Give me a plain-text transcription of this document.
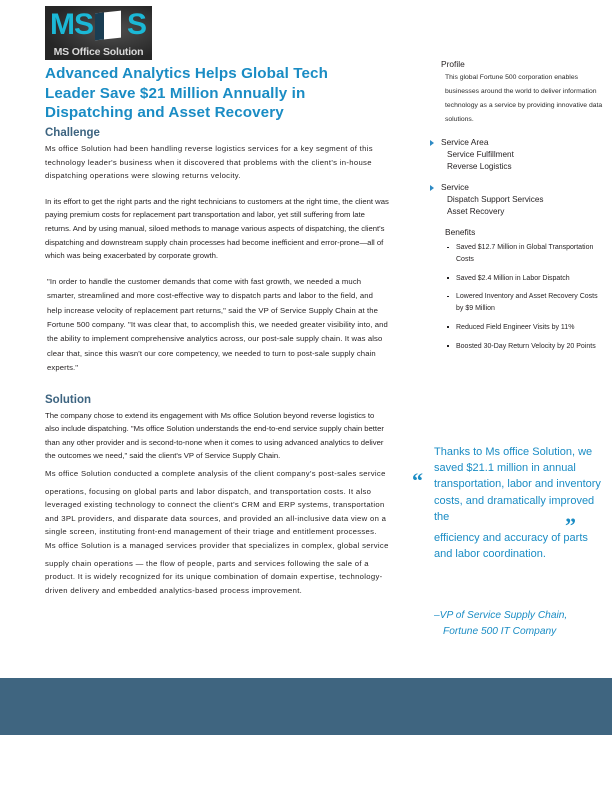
MS S
MS Office Solution
Advanced Analytics Helps Global Tech Leader Save $21 Million Annually in Dispatching and Asset Recovery
Challenge

Ms office Solution had been handling reverse logistics services for a key segment of this technology leader's business when it discovered that problems with the client's in-house dispatching operations were slowing returns velocity.

In its effort to get the right parts and the right technicians to customers at the right time, the client was paying premium costs for replacement part transportation and labor, yet still suffering from late returns. And by using manual, siloed methods to manage various aspects of dispatching, the client's dispatching and downstream supply chain processes had become inefficient and error-prone—all of which was being exacerbated by corporate growth.

"In order to handle the customer demands that come with fast growth, we needed a much smarter, streamlined and more cost-effective way to dispatch parts and labor to the field, and help increase velocity of replacement part returns," said the VP of Service Supply Chain at the Fortune 500 company. "It was clear that, to accomplish this, we needed greater visibility into, and the ability to implement comprehensive analytics across, our post-sale supply chain. It was also clear that, since this wasn't our core competency, we needed to turn to post-sale supply chain experts."

Solution

The company chose to extend its engagement with Ms office Solution beyond reverse logistics to also include dispatching. "Ms office Solution understands the end-to-end service supply chain better than any other provider and is second-to-none when it comes to using advanced analytics to deliver the outcomes we need," said the client's VP of Service Supply Chain.

Ms office Solution conducted a complete analysis of the client company's post-sales service

operations, focusing on global parts and labor dispatch, and transportation costs. It also leveraged existing technology to connect the client's CRM and ERP systems, transportation and 3PL providers, and disparate data sources, and provided an all-inclusive data view on a single screen, instituting front-end management of their triage and entitlement processes. Ms office Solution is a managed services provider that specializes in complex, global service

supply chain operations — the flow of people, parts and services following the sale of a product. It is widely recognized for its unique combination of domain expertise, technology-driven delivery and embedded analytics-based process improvement.

Profile
This global Fortune 500 corporation enables businesses around the world to deliver information technology as a service by providing innovative data solutions.
Service Area
Service Fulfillment
Reverse Logistics
Service
Dispatch Support Services
Asset Recovery
Benefits
Saved $12.7 Million in Global Transportation Costs
Saved $2.4 Million in Labor Dispatch
Lowered Inventory and Asset Recovery Costs by $9 Million
Reduced Field Engineer Visits by 11%
Boosted 30-Day Return Velocity by 20 Points
“
Thanks to Ms office Solution, we saved $21.1 million in annual transportation, labor and inventory costs, and dramatically improved the	”
efficiency and accuracy of parts and labor coordination.
–VP of Service Supply Chain,
Fortune 500 IT Company
